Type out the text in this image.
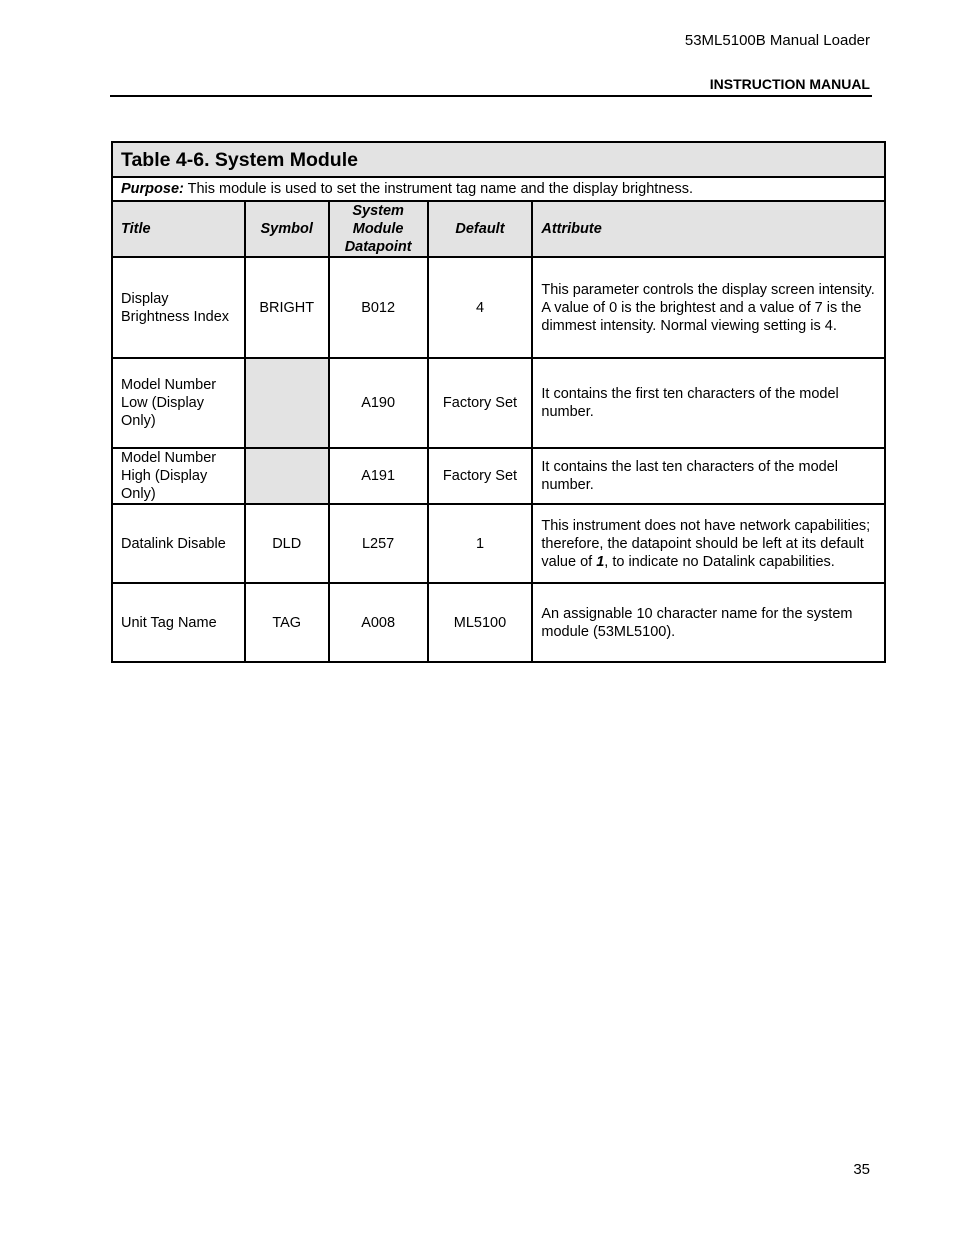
53ML5100B Manual Loader
INSTRUCTION MANUAL
Table 4-6. System Module				
Purpose: This module is used to set the instrument tag name and the display brightness.				
Title	Symbol	System Module Datapoint	Default	Attribute
Display Brightness Index	BRIGHT	B012	4	This parameter controls the display screen intensity. A value of 0 is the brightest and a value of 7 is the dimmest intensity. Normal viewing setting is 4.
Model Number Low (Display Only)		A190	Factory Set	It contains the first ten characters of the model number.
Model Number High (Display Only)		A191	Factory Set	It contains the last ten characters of the model number.
Datalink Disable	DLD	L257	1	This instrument does not have network capabilities; therefore, the datapoint should be left at its default value of 1, to indicate no Datalink capabilities.
Unit Tag Name	TAG	A008	ML5100	An assignable 10 character name for the system module (53ML5100).
35
